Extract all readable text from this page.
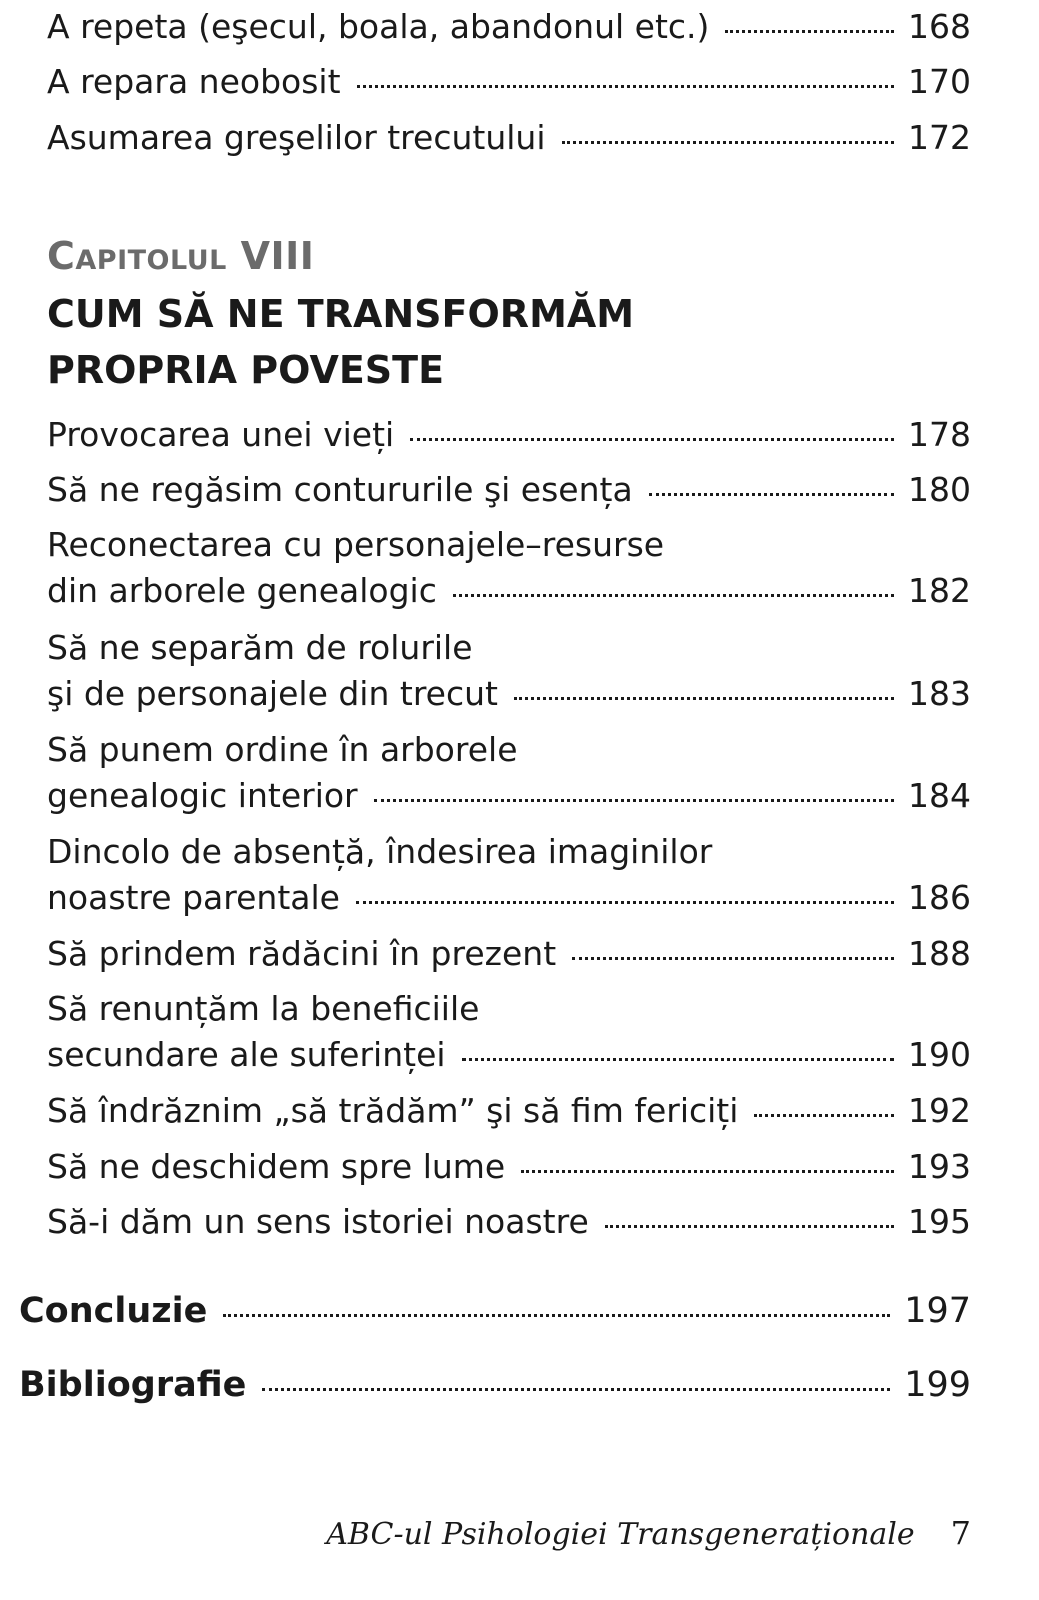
A repeta (eşecul, boala, abandonul etc.)	168
A repara neobosit	170
Asumarea greşelilor trecutului	172
Capitolul VIII
CUM SĂ NE TRANSFORMĂM
PROPRIA POVESTE
Provocarea unei vieți	178
Să ne regăsim contururile şi esența	180
Reconectarea cu personajele–resurse
din arborele genealogic	182
Să ne separăm de rolurile
şi de personajele din trecut	183
Să punem ordine în arborele
genealogic interior	184
Dincolo de absență, îndesirea imaginilor
noastre parentale	186
Să prindem rădăcini în prezent	188
Să renunțăm la beneficiile
secundare ale suferinței	190
Să îndrăznim „să trădăm” şi să fim fericiți	192
Să ne deschidem spre lume	193
Să-i dăm un sens istoriei noastre	195
Concluzie	197
Bibliografie	199
ABC-ul Psihologiei Transgeneraționale 7
